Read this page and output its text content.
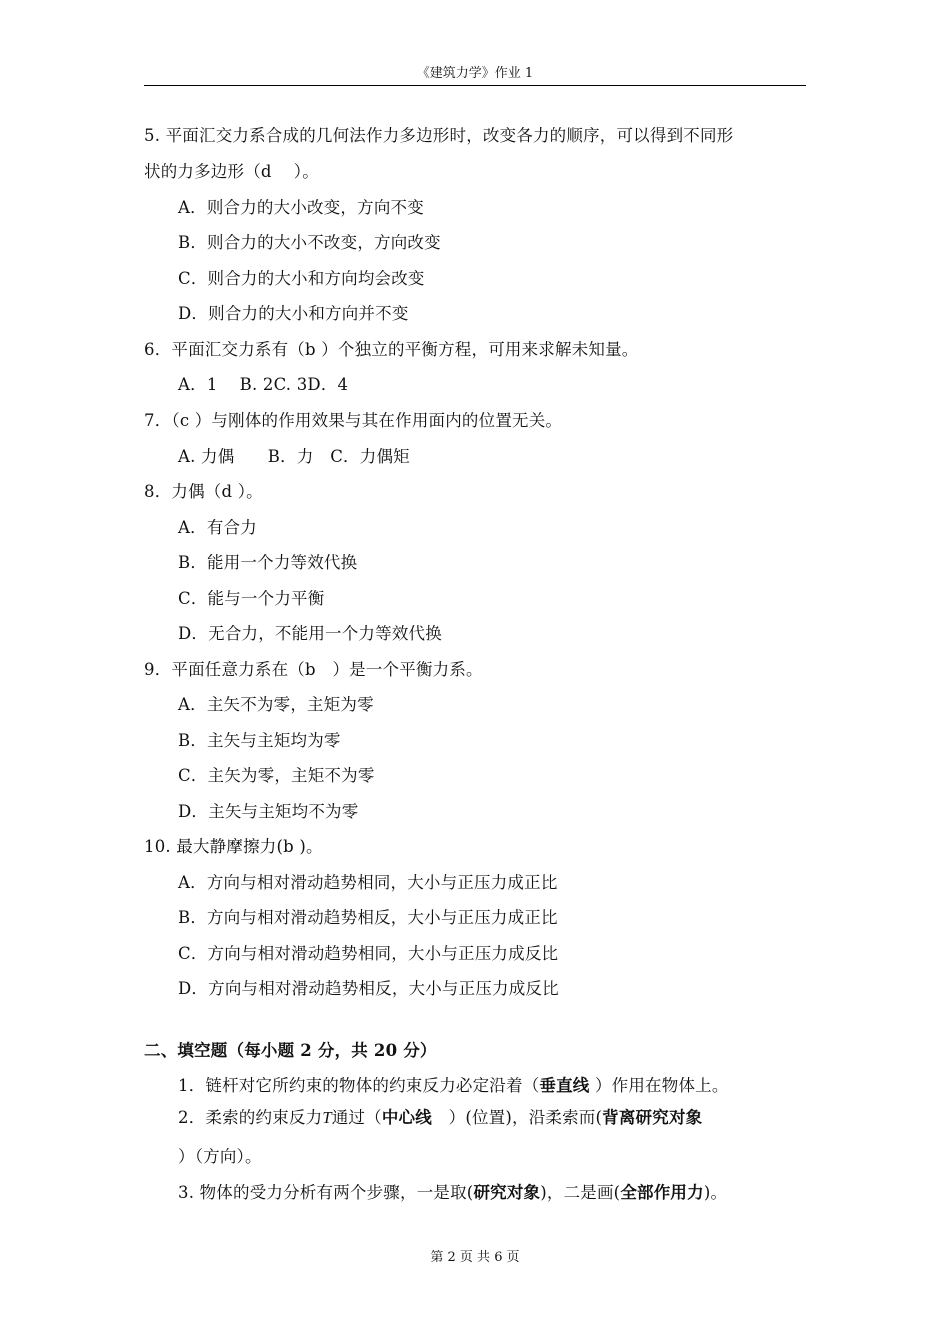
《建筑力学》作业 1
5. 平面汇交力系合成的几何法作力多边形时，改变各力的顺序，可以得到不同形
状的力多边形（d　 ）。
A．则合力的大小改变，方向不变
B．则合力的大小不改变，方向改变
C．则合力的大小和方向均会改变
D．则合力的大小和方向并不变
6．平面汇交力系有（b ）个独立的平衡方程，可用来求解未知量。
A．1　 B. 2C. 3D．4
7．（c ）与刚体的作用效果与其在作用面内的位置无关。
A. 力偶　　B．力　C．力偶矩
8．力偶（d ）。
A．有合力
B．能用一个力等效代换
C．能与一个力平衡
D．无合力，不能用一个力等效代换
9．平面任意力系在（b　）是一个平衡力系。
A．主矢不为零，主矩为零
B．主矢与主矩均为零
C．主矢为零，主矩不为零
D．主矢与主矩均不为零
10. 最大静摩擦力(b )。
A．方向与相对滑动趋势相同，大小与正压力成正比
B．方向与相对滑动趋势相反，大小与正压力成正比
C．方向与相对滑动趋势相同，大小与正压力成反比
D．方向与相对滑动趋势相反，大小与正压力成反比
二、填空题（每小题 2 分，共 20 分）
1．链杆对它所约束的物体的约束反力必定沿着（垂直线 ）作用在物体上。
2．柔索的约束反力T通过（中心线　）(位置)，沿柔索而(背离研究对象
）（方向）。
3. 物体的受力分析有两个步骤，一是取(研究对象)，二是画(全部作用力)。
第 2 页 共 6 页
